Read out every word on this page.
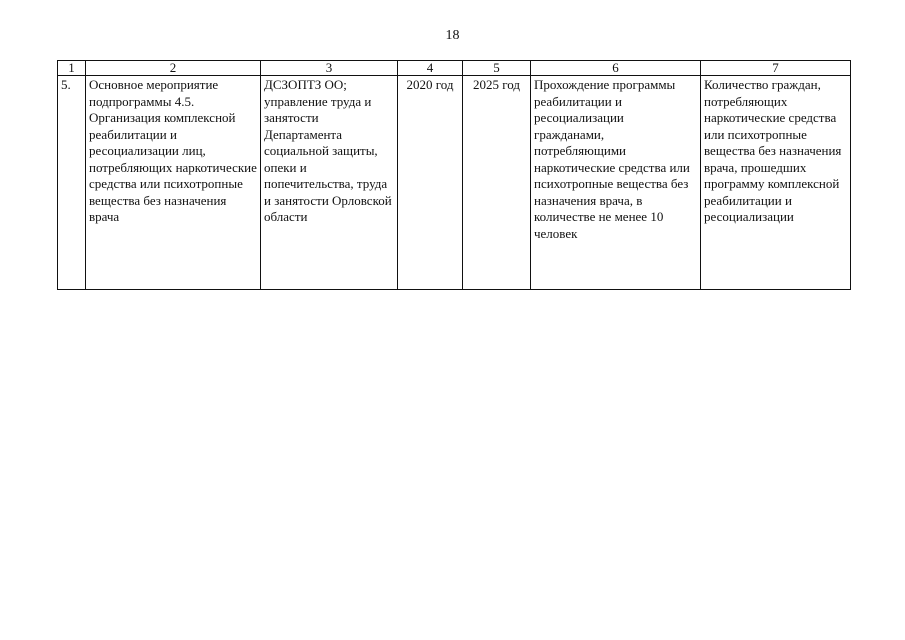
18
1	2	3	4	5	6	7
5.	Основное мероприятие подпрограммы 4.5. Организация комплексной реабилитации и ресоциализации лиц, потребляющих наркотические средства или психотропные вещества без назначения врача	ДСЗОПТЗ ОО; управление труда и занятости Департамента социальной защиты, опеки и попечительства, труда и занятости Орловской области	2020 год	2025 год	Прохождение программы реабилитации и ресоциализации гражданами, потребляющими наркотические средства или психотропные вещества без назначения врача, в количестве не менее 10 человек	Количество граждан, потребляющих наркотические средства или психотропные вещества без назначения врача, прошедших программу комплексной реабилитации и ресоциализации
